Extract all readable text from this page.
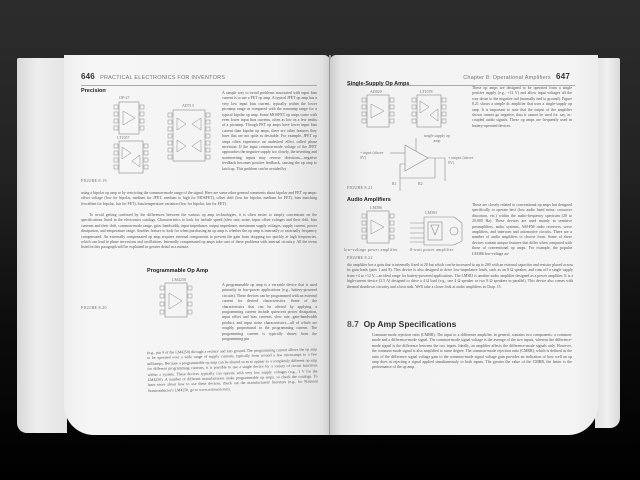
646 PRACTICAL ELECTRONICS FOR INVENTORS
Precision
OP-27
AD713
LT1057
FIGURE 8.19
A simple way to avoid problems associated with input bias current is to use a FET op amp. A typical JFET op amp has a very low input bias current, typically within the lower picoamp range as compared with the nanoamp range for a typical bipolar op amp. Some MOSFET op amps come with even lower input bias currents, often as low as a few tenths of a picoamp. Though FET op amps have lower input bias current than bipolar op amps, there are other features they have that are not quite as desirable. For example, JFET op amps often experience an undesired effect called phase inversion. If the input common-mode voltage of the JFET approaches the negative supply too closely, the inverting and noninverting inputs may reverse directions—negative feedback becomes positive feedback, causing the op amp to latch up. This problem can be avoided by
using a bipolar op amp or by restricting the common-mode range of the signal. Here are some other general comments about bipolar and FET op amps: offset voltage (low for bipolar, medium for JFET, medium to high for MOSFET), offset drift (low for bipolar, medium for FET), bias matching (excellent for bipolar, fair for FET), bias/temperature variation (low for bipolar, fair for FET).
To avoid getting confused by the differences between the various op amp technologies, it is often easier to simply concentrate on the specifications listed in the electronics catalogs. Characteristics to look for include speed (slew rate, noise, input offset voltages and their drift, bias currents and their drift, common-mode range, gain, bandwidth, input impedance, output impedance, maximum supply voltages, supply current, power dissipation, and temperature range. Another feature to look for when purchasing an op amp is whether the op amp is internally or externally frequency compensated. An externally compensated op amp requires external components to prevent the gain from dropping too quickly at high frequencies, which can lead to phase inversions and oscillations. Internally compensated op amps take care of these problems with internal circuitry. All the terms listed in this paragraph will be explained in greater detail in a minute.
Programmable Op Amp
LM4250
FIGURE 8.20
A programmable op amp is a versatile device that is used primarily in low-power applications (e.g., battery-powered circuits). These devices can be programmed with an external current for desired characteristics. Some of the characteristics that can be altered by applying a programming current include quiescent power dissipation, input offset and bias currents, slew rate, gain-bandwidth product, and input noise characteristics—all of which are roughly proportional to the programming current. The programming current is typically drawn from the programming pin
(e.g., pin 8 of the LM4250) through a resistor and into ground. The programming current allows the op amp to be operated over a wide range of supply currents, typically from around a few microamps to a few milliamps. Because a programmable op amp can be altered so as to appear as a completely different op amp for different programming currents, it is possible to use a single device for a variety of circuit functions within a system. These devices typically can operate with very low supply voltages (e.g., 1 V for the LM4250). A number of different manufacturers make programmable op amps, so check the catalogs. To learn more about how to use these devices, check out the manufacturers' literature (e.g., for National Semiconductor's LM4250, go to www.national.com).
Chapter 8: Operational Amplifiers 647
Single-Supply Op Amps
AD820	LT1078
single supply op amp
+ input (above 0V)	+ output (above 0V)
R1	R2
FIGURE 8.21
These op amps are designed to be operated from a single positive supply (e.g., +12 V) and allow input voltages all the way down to the negative rail (normally tied to ground). Figure 8.21 shows a simple dc amplifier that uses a single-supply op amp. It is important to note that the output of the amplifier shown cannot go negative; thus it cannot be used for, say, ac-coupled audio signals. These op amps are frequently used in battery-operated devices.
Audio Amplifiers
LM386
LM383
low-voltage power amplifier	8-watt power amplifier
FIGURE 8.22
These are closely related to conventional op amps but designed specifically to operate best (low audio band noise, crossover distortion, etc.) within the audio-frequency spectrum (20 to 20,000 Hz). These devices are used mainly in sensitive preamplifiers, audio systems, AM-FM radio receivers, servo amplifiers, and intercom and automotive circuits. There are a number of audio amplifiers to choose from. Some of these devices contain unique features that differ when compared with those of conventional op amps. For example, the popular LM386 low-voltage au-
dio amplifier has a gain that is internally fixed at 20 but which can be increased to up to 200 with an external capacitor and resistor placed across its gain leads (pins 1 and 8). This device is also designed to drive low-impedance loads, such as an 8 Ω speaker, and runs off a single supply from +4 to +12 V—an ideal range for battery-powered applications. The LM383 is another audio amplifier designed as a power amplifier. It is a high-current device (3.5 A) designed to drive a 4 Ω load (e.g., one 4 Ω speaker or two 8 Ω speakers in parallel). This device also comes with thermal shutdown circuitry and a heat sink. We'll take a closer look at audio amplifiers in Chap. 15.
8.7 Op Amp Specifications
Common-mode rejection ratio (CMRR). The input to a difference amplifier, in general, contains two components: a common-mode and a difference-mode signal. The common-mode signal voltage is the average of the two inputs, whereas the difference-mode signal is the difference between the two inputs. Ideally, an amplifier affects the difference-mode signals only. However, the common-mode signal is also amplified to some degree. The common-mode rejection ratio (CMRR), which is defined as the ratio of the difference signal voltage gain to the common-mode signal voltage gain provides an indication of how well an op amp does at rejecting a signal applied simultaneously to both inputs. The greater the value of the CMRR, the better is the performance of the op amp.
